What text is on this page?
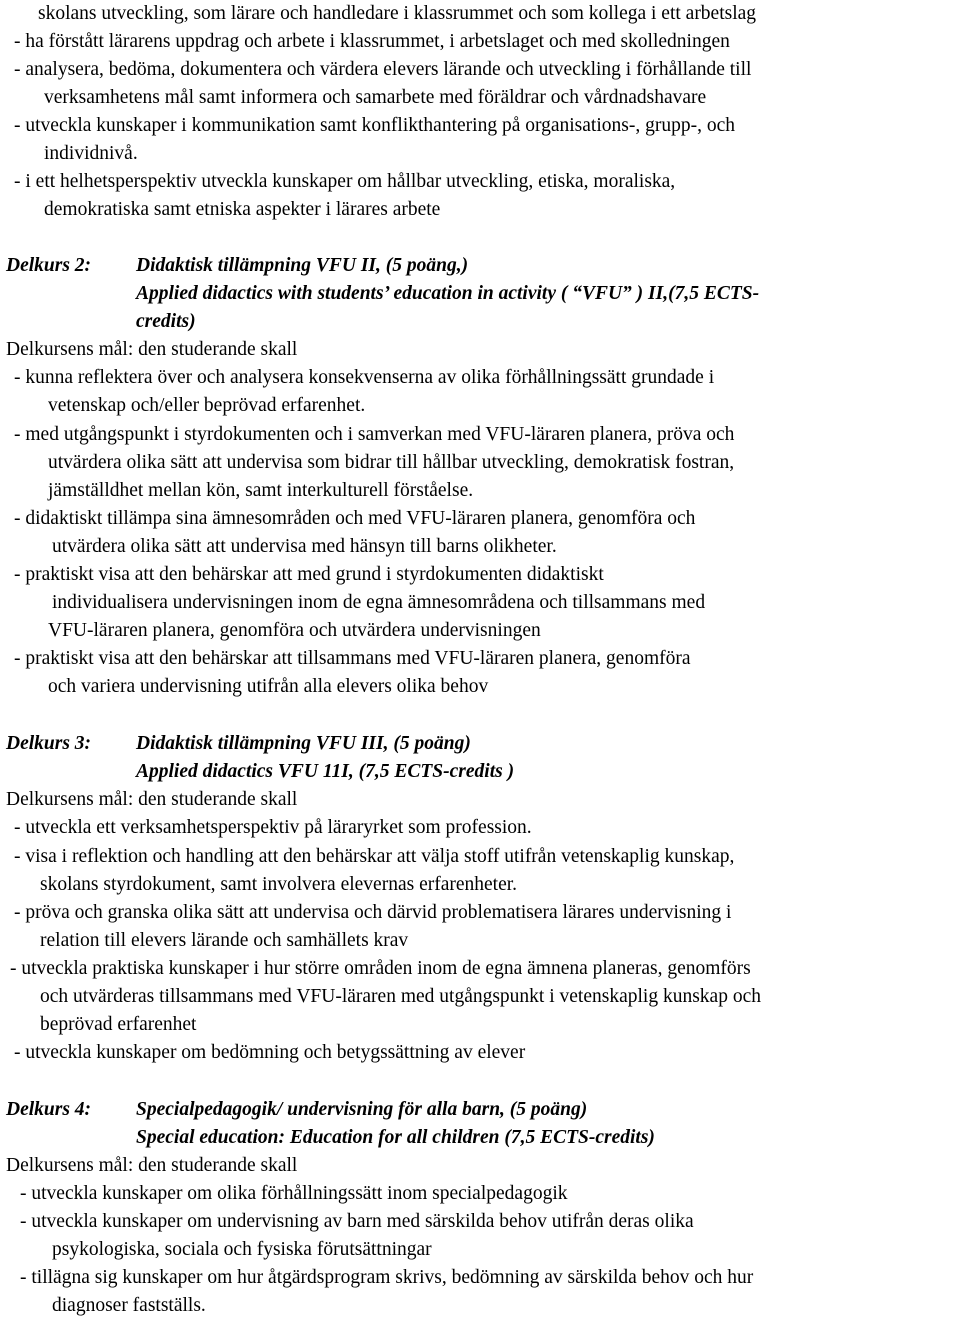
skolans utveckling, som lärare och handledare i klassrummet och som kollega i ett arbetslag
- ha förstått lärarens uppdrag och arbete i klassrummet, i arbetslaget och med skolledningen
- analysera, bedöma, dokumentera och värdera elevers lärande och utveckling i förhållande till
verksamhetens mål samt informera och samarbete med föräldrar och vårdnadshavare
- utveckla kunskaper i kommunikation samt konflikthantering på organisations-, grupp-, och
individnivå.
- i ett helhetsperspektiv utveckla kunskaper om hållbar utveckling, etiska, moraliska,
demokratiska samt etniska aspekter i lärares arbete
Delkurs 2: Didaktisk tillämpning VFU II, (5 poäng,)
Applied didactics with students’ education in activity ( “VFU” ) II,(7,5 ECTS-
credits)
Delkursens mål: den studerande skall
- kunna reflektera över och analysera konsekvenserna av olika förhållningssätt grundade i
vetenskap och/eller beprövad erfarenhet.
- med utgångspunkt i styrdokumenten och i samverkan med VFU-läraren planera, pröva och
utvärdera olika sätt att undervisa som bidrar till hållbar utveckling, demokratisk fostran,
jämställdhet mellan kön, samt interkulturell förståelse.
- didaktiskt tillämpa sina ämnesområden och med VFU-läraren planera, genomföra och
utvärdera olika sätt att undervisa med hänsyn till barns olikheter.
- praktiskt visa att den behärskar att med grund i styrdokumenten didaktiskt
individualisera undervisningen inom de egna ämnesområdena och tillsammans med
VFU-läraren planera, genomföra och utvärdera undervisningen
- praktiskt visa att den behärskar att tillsammans med VFU-läraren planera, genomföra
och variera undervisning utifrån alla elevers olika behov
Delkurs 3: Didaktisk tillämpning VFU III, (5 poäng)
Applied didactics VFU 11I, (7,5 ECTS-credits )
Delkursens mål: den studerande skall
- utveckla ett verksamhetsperspektiv på läraryrket som profession.
- visa i reflektion och handling att den behärskar att välja stoff utifrån vetenskaplig kunskap,
skolans styrdokument, samt involvera elevernas erfarenheter.
- pröva och granska olika sätt att undervisa och därvid problematisera lärares undervisning i
relation till elevers lärande och samhällets krav
- utveckla praktiska kunskaper i hur större områden inom de egna ämnena planeras, genomförs
och utvärderas tillsammans med VFU-läraren med utgångspunkt i vetenskaplig kunskap och
beprövad erfarenhet
- utveckla kunskaper om bedömning och betygssättning av elever
Delkurs 4: Specialpedagogik/ undervisning för alla barn, (5 poäng)
Special education: Education for all children (7,5 ECTS-credits)
Delkursens mål: den studerande skall
- utveckla kunskaper om olika förhållningssätt inom specialpedagogik
- utveckla kunskaper om undervisning av barn med särskilda behov utifrån deras olika
psykologiska, sociala och fysiska förutsättningar
- tillägna sig kunskaper om hur åtgärdsprogram skrivs, bedömning av särskilda behov och hur
diagnoser fastställs.
